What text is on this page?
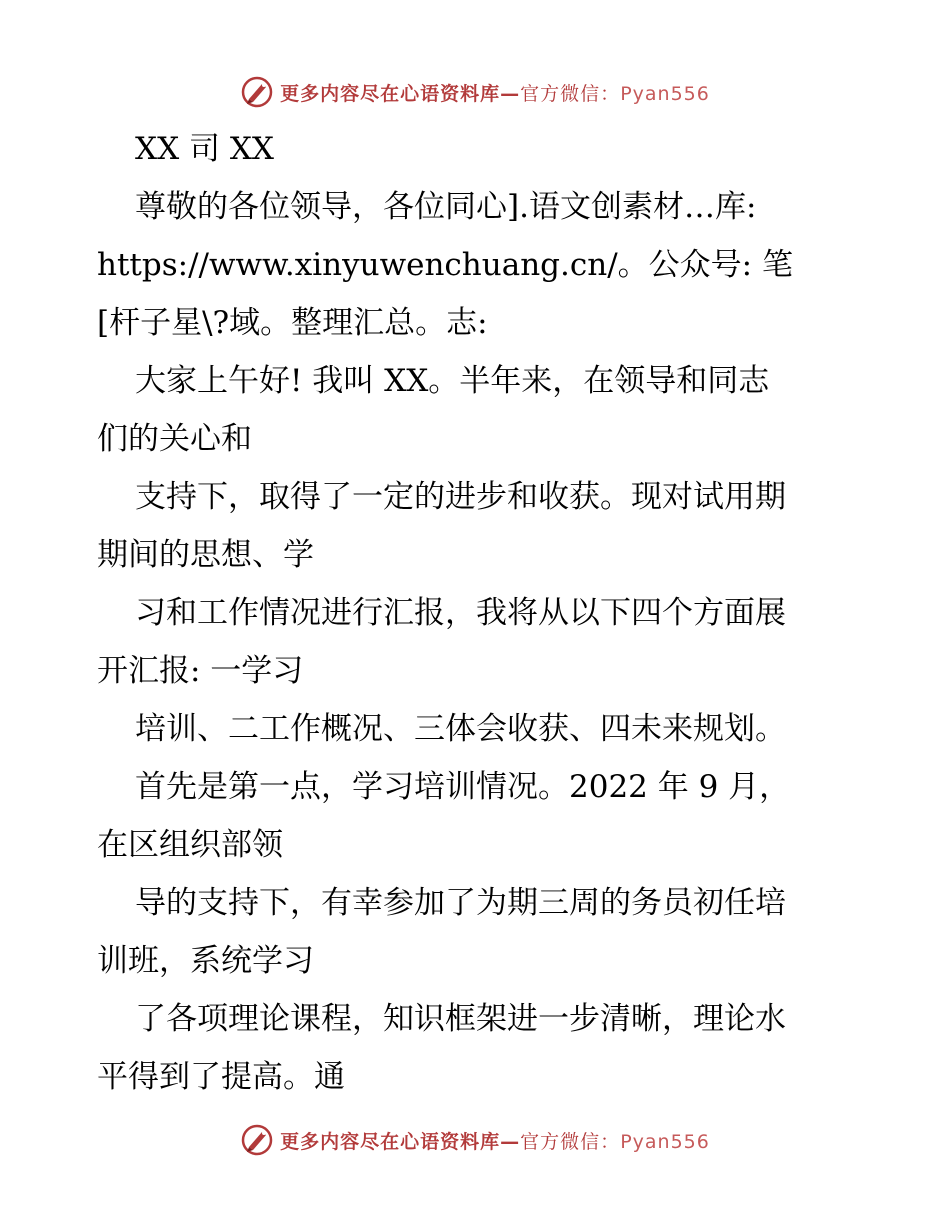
更多内容尽在心语资料库—官方微信：Pyan556
XX 司 XX
尊敬的各位领导，各位同心].语文创素材…库:
https://www.xinyuwenchuang.cn/。公众号: 笔
[杆子星\?域。整理汇总。志:
大家上午好! 我叫 XX。半年来，在领导和同志
们的关心和
支持下，取得了一定的进步和收获。现对试用期
期间的思想、学
习和工作情况进行汇报，我将从以下四个方面展
开汇报: 一学习
培训、二工作概况、三体会收获、四未来规划。
首先是第一点，学习培训情况。2022 年 9 月，
在区组织部领
导的支持下，有幸参加了为期三周的务员初任培
训班，系统学习
了各项理论课程，知识框架进一步清晰，理论水
平得到了提高。通
更多内容尽在心语资料库—官方微信：Pyan556
